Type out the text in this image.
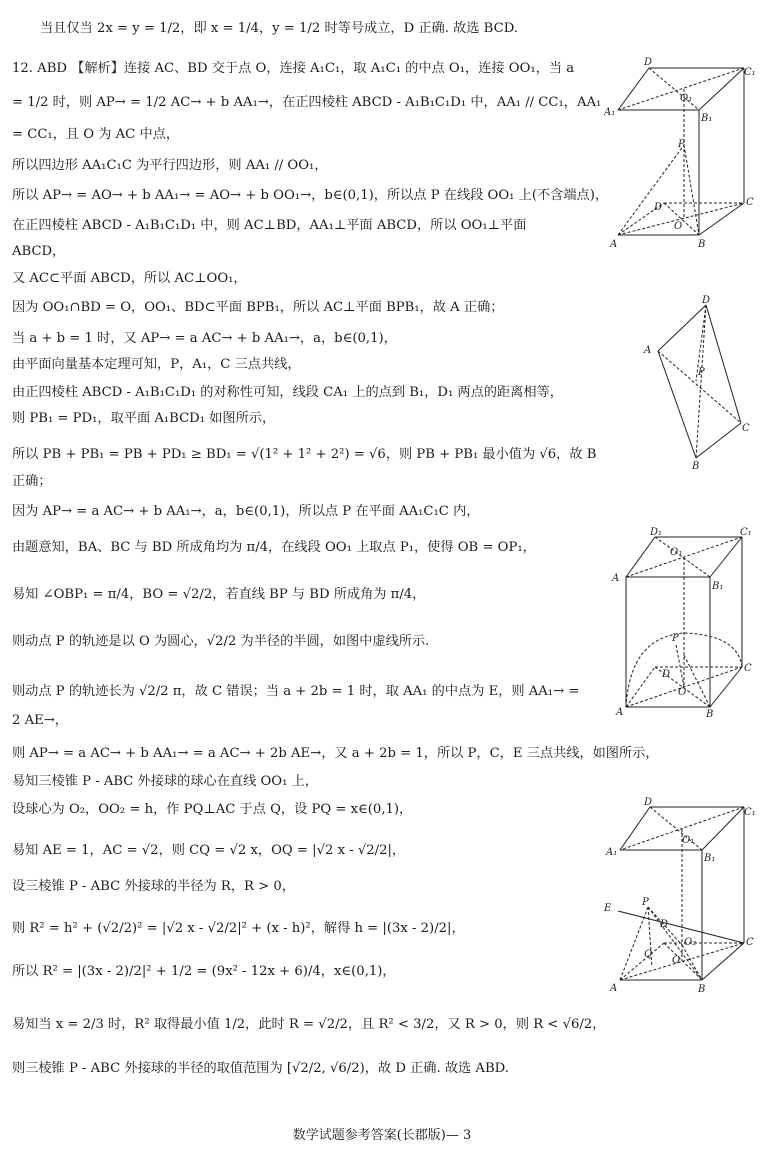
当且仅当 2x = y = 1/2，即 x = 1/4，y = 1/2 时等号成立，D 正确. 故选 BCD.
12. ABD 【解析】连接 AC、BD 交于点 O，连接 A₁C₁，取 A₁C₁ 的中点 O₁，连接 OO₁，当 a
= 1/2 时，则 AP→ = 1/2 AC→ + b AA₁→，在正四棱柱 ABCD - A₁B₁C₁D₁ 中，AA₁ // CC₁，AA₁
= CC₁，且 O 为 AC 中点，
所以四边形 AA₁C₁C 为平行四边形，则 AA₁ // OO₁，
所以 AP→ = AO→ + b AA₁→ = AO→ + b OO₁→，b∈(0,1)，所以点 P 在线段 OO₁ 上(不含端点)，
在正四棱柱 ABCD - A₁B₁C₁D₁ 中，则 AC⊥BD，AA₁⊥平面 ABCD，所以 OO₁⊥平面
ABCD，
又 AC⊂平面 ABCD，所以 AC⊥OO₁，
因为 OO₁∩BD = O，OO₁、BD⊂平面 BPB₁，所以 AC⊥平面 BPB₁，故 A 正确；
当 a + b = 1 时，又 AP→ = a AC→ + b AA₁→，a，b∈(0,1)，
由平面向量基本定理可知，P，A₁，C 三点共线，
由正四棱柱 ABCD - A₁B₁C₁D₁ 的对称性可知，线段 CA₁ 上的点到 B₁，D₁ 两点的距离相等，
则 PB₁ = PD₁，取平面 A₁BCD₁ 如图所示，
所以 PB + PB₁ = PB + PD₁ ≥ BD₁ = √(1² + 1² + 2²) = √6，则 PB + PB₁ 最小值为 √6，故 B
正确；
因为 AP→ = a AC→ + b AA₁→，a，b∈(0,1)，所以点 P 在平面 AA₁C₁C 内，
由题意知，BA、BC 与 BD 所成角均为 π/4，在线段 OO₁ 上取点 P₁，使得 OB = OP₁，
易知 ∠OBP₁ = π/4，BO = √2/2，若直线 BP 与 BD 所成角为 π/4，
则动点 P 的轨迹是以 O 为圆心，√2/2 为半径的半圆，如图中虚线所示.
则动点 P 的轨迹长为 √2/2 π，故 C 错误；当 a + 2b = 1 时，取 AA₁ 的中点为 E，则 AA₁→ =
2 AE→，
则 AP→ = a AC→ + b AA₁→ = a AC→ + 2b AE→，又 a + 2b = 1，所以 P，C，E 三点共线，如图所示，
易知三棱锥 P - ABC 外接球的球心在直线 OO₁ 上，
设球心为 O₂，OO₂ = h，作 PQ⊥AC 于点 Q，设 PQ = x∈(0,1)，
易知 AE = 1，AC = √2，则 CQ = √2 x，OQ = |√2 x - √2/2|，
设三棱锥 P - ABC 外接球的半径为 R，R > 0，
则 R² = h² + (√2/2)² = |√2 x - √2/2|² + (x - h)²，解得 h = |(3x - 2)/2|，
所以 R² = |(3x - 2)/2|² + 1/2 = (9x² - 12x + 6)/4，x∈(0,1)，
易知当 x = 2/3 时，R² 取得最小值 1/2，此时 R = √2/2，且 R² < 3/2，又 R > 0，则 R < √6/2，
则三棱锥 P - ABC 外接球的半径的取值范围为 [√2/2, √6/2)，故 D 正确. 故选 ABD.
D
C₁
A₁
O₁
B₁
P
D	C
O
A	B
D
A
P
C
B
D₁	C₁
O₁
A
B₁
P
D
C
O
A	B
D
C₁
O₁
A₁
B₁
E
P
D
O₂	C
Q
O
A	B
数学试题参考答案(长郡版)— 3
